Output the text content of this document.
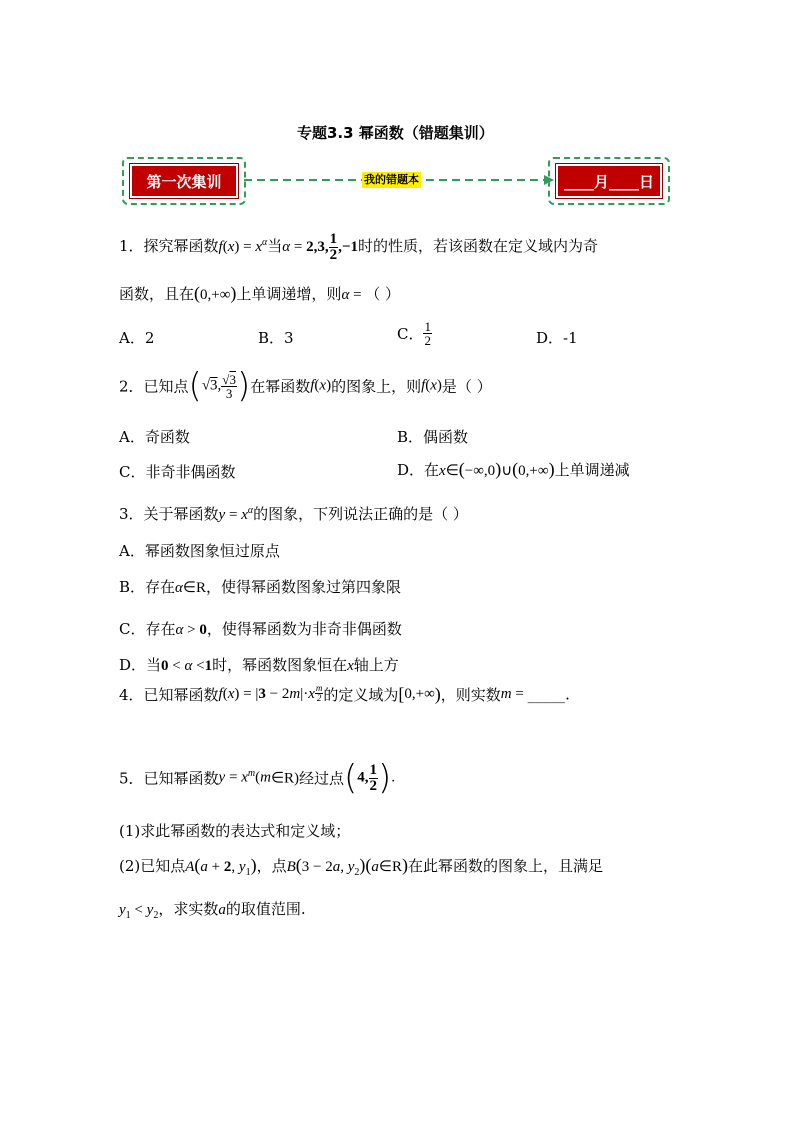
专题3.3 幂函数（错题集训）
第一次集训	我的错题本	____月____日
1．探究幂函数$f(x) = x^\alpha$当α = 2,3, $\frac{1}{2} ,-1$时的性质，若该函数在定义域内为奇
函数，且在(0,+∞)上单调递增，则α = （ ）
A．2	B．3	C． $\frac{1}{2}$	D．-1
2．已知点(√3, $\frac{√3}{3}$ )在幂函数f(x)的图象上，则f(x)是（ ）
A．奇函数	B．偶函数
C．非奇非偶函数	D．在x∈(−∞,0)∪(0,+∞)上单调递减
3．关于幂函数$y = x^\alpha$的图象，下列说法正确的是（ ）
A．幂函数图象恒过原点
B．存在α∈R，使得幂函数图象过第四象限
C．存在α > 0，使得幂函数为非奇非偶函数
D．当0 < α <1时，幂函数图象恒在x轴上方
4．已知幂函数$f(x) = |3 - 2m|\cdot x \frac{m}{2}$ 的定义域为[0,+∞)，则实数m = _____.
5．已知幂函数$y = x^m(m\in R)$经过点(4, $\frac{1}{2}$ ).
(1)求此幂函数的表达式和定义域；
(2)已知点A(a + 2, $y_1$)，点B(3 − 2a, $y_2)(a\in R)$在此幂函数的图象上，且满足
$y_1 < y_2$，求实数a的取值范围.
